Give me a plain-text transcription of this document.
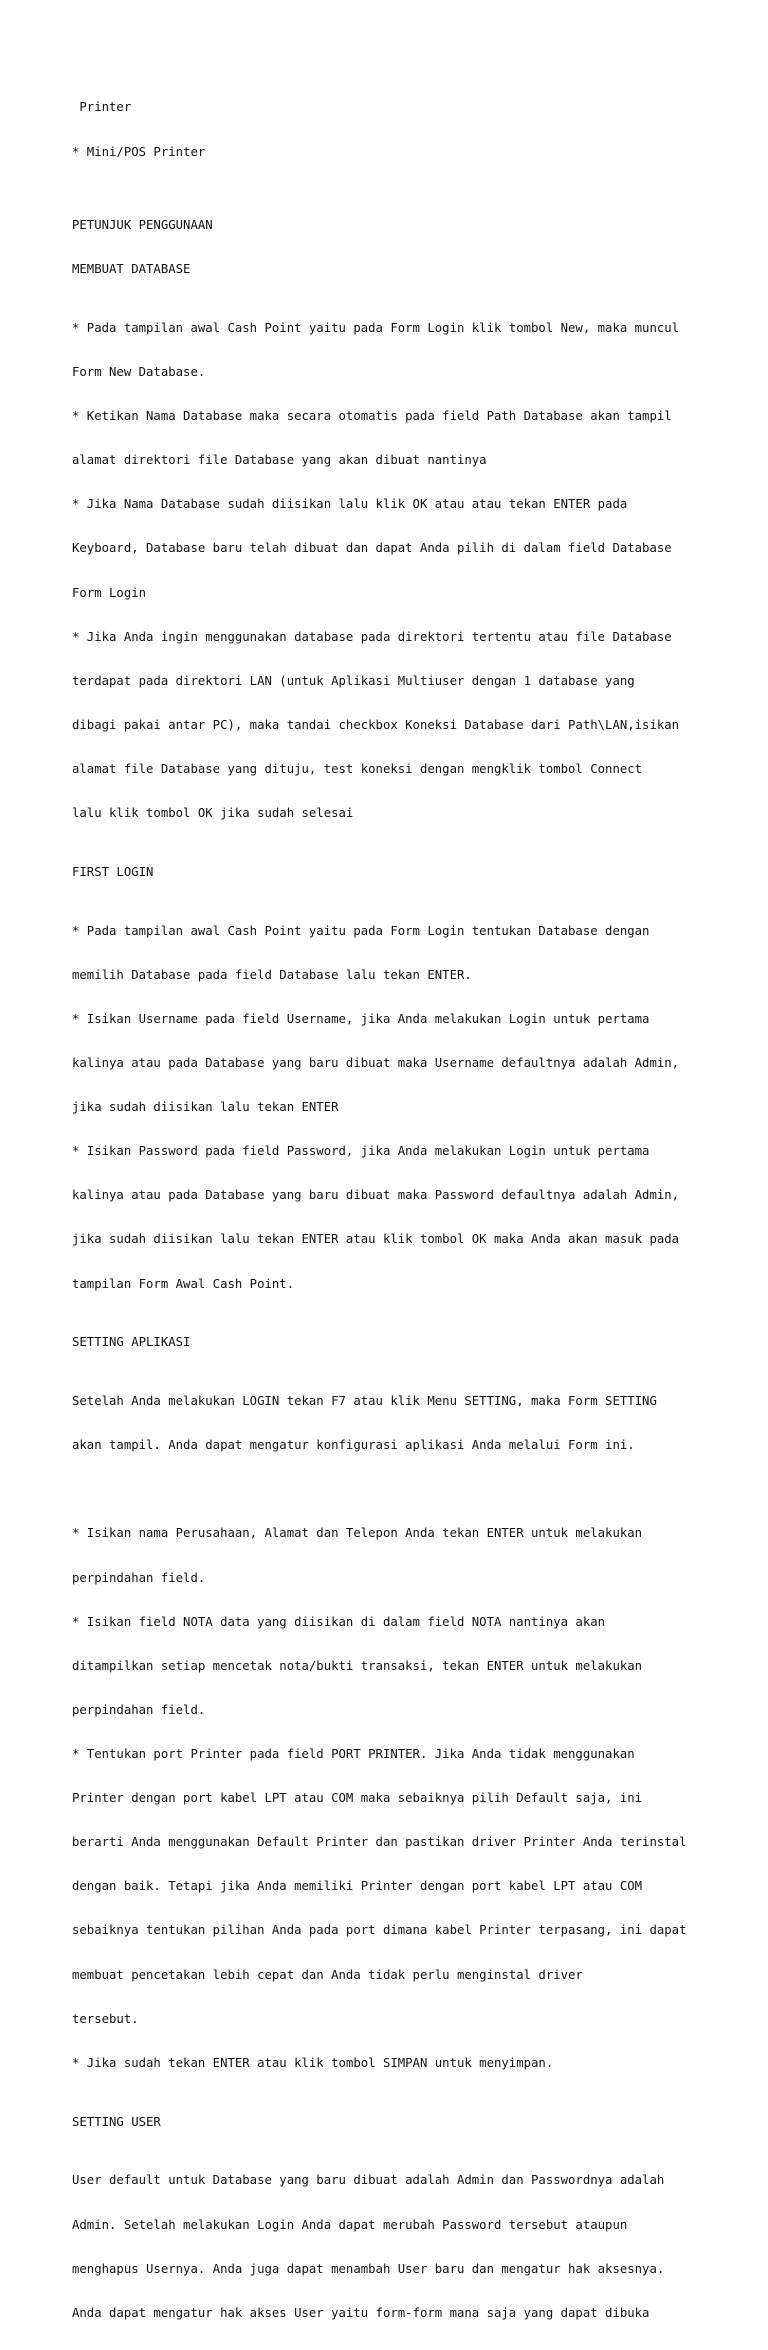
Printer

* Mini/POS Printer

PETUNJUK PENGGUNAAN
MEMBUAT DATABASE

* Pada tampilan awal Cash Point yaitu pada Form Login klik tombol New, maka muncul

Form New Database.

* Ketikan Nama Database maka secara otomatis pada field Path Database akan tampil

alamat direktori file Database yang akan dibuat nantinya

* Jika Nama Database sudah diisikan lalu klik OK atau atau tekan ENTER pada

Keyboard, Database baru telah dibuat dan dapat Anda pilih di dalam field Database

Form Login

* Jika Anda ingin menggunakan database pada direktori tertentu atau file Database

terdapat pada direktori LAN (untuk Aplikasi Multiuser dengan 1 database yang

dibagi pakai antar PC), maka tandai checkbox Koneksi Database dari Path\LAN,isikan

alamat file Database yang dituju, test koneksi dengan mengklik tombol Connect

lalu klik tombol OK jika sudah selesai

FIRST LOGIN

* Pada tampilan awal Cash Point yaitu pada Form Login tentukan Database dengan

memilih Database pada field Database lalu tekan ENTER.

* Isikan Username pada field Username, jika Anda melakukan Login untuk pertama

kalinya atau pada Database yang baru dibuat maka Username defaultnya adalah Admin,

jika sudah diisikan lalu tekan ENTER

* Isikan Password pada field Password, jika Anda melakukan Login untuk pertama

kalinya atau pada Database yang baru dibuat maka Password defaultnya adalah Admin,

jika sudah diisikan lalu tekan ENTER atau klik tombol OK maka Anda akan masuk pada

tampilan Form Awal Cash Point.

SETTING APLIKASI

Setelah Anda melakukan LOGIN tekan F7 atau klik Menu SETTING, maka Form SETTING

akan tampil. Anda dapat mengatur konfigurasi aplikasi Anda melalui Form ini.

* Isikan nama Perusahaan, Alamat dan Telepon Anda tekan ENTER untuk melakukan

perpindahan field.

* Isikan field NOTA data yang diisikan di dalam field NOTA nantinya akan

ditampilkan setiap mencetak nota/bukti transaksi, tekan ENTER untuk melakukan

perpindahan field.

* Tentukan port Printer pada field PORT PRINTER. Jika Anda tidak menggunakan

Printer dengan port kabel LPT atau COM maka sebaiknya pilih Default saja, ini

berarti Anda menggunakan Default Printer dan pastikan driver Printer Anda terinstal

dengan baik. Tetapi jika Anda memiliki Printer dengan port kabel LPT atau COM

sebaiknya tentukan pilihan Anda pada port dimana kabel Printer terpasang, ini dapat

membuat pencetakan lebih cepat dan Anda tidak perlu menginstal driver

tersebut.

* Jika sudah tekan ENTER atau klik tombol SIMPAN untuk menyimpan.

SETTING USER

User default untuk Database yang baru dibuat adalah Admin dan Passwordnya adalah

Admin. Setelah melakukan Login Anda dapat merubah Password tersebut ataupun

menghapus Usernya. Anda juga dapat menambah User baru dan mengatur hak aksesnya.

Anda dapat mengatur hak akses User yaitu form-form mana saja yang dapat dibuka
